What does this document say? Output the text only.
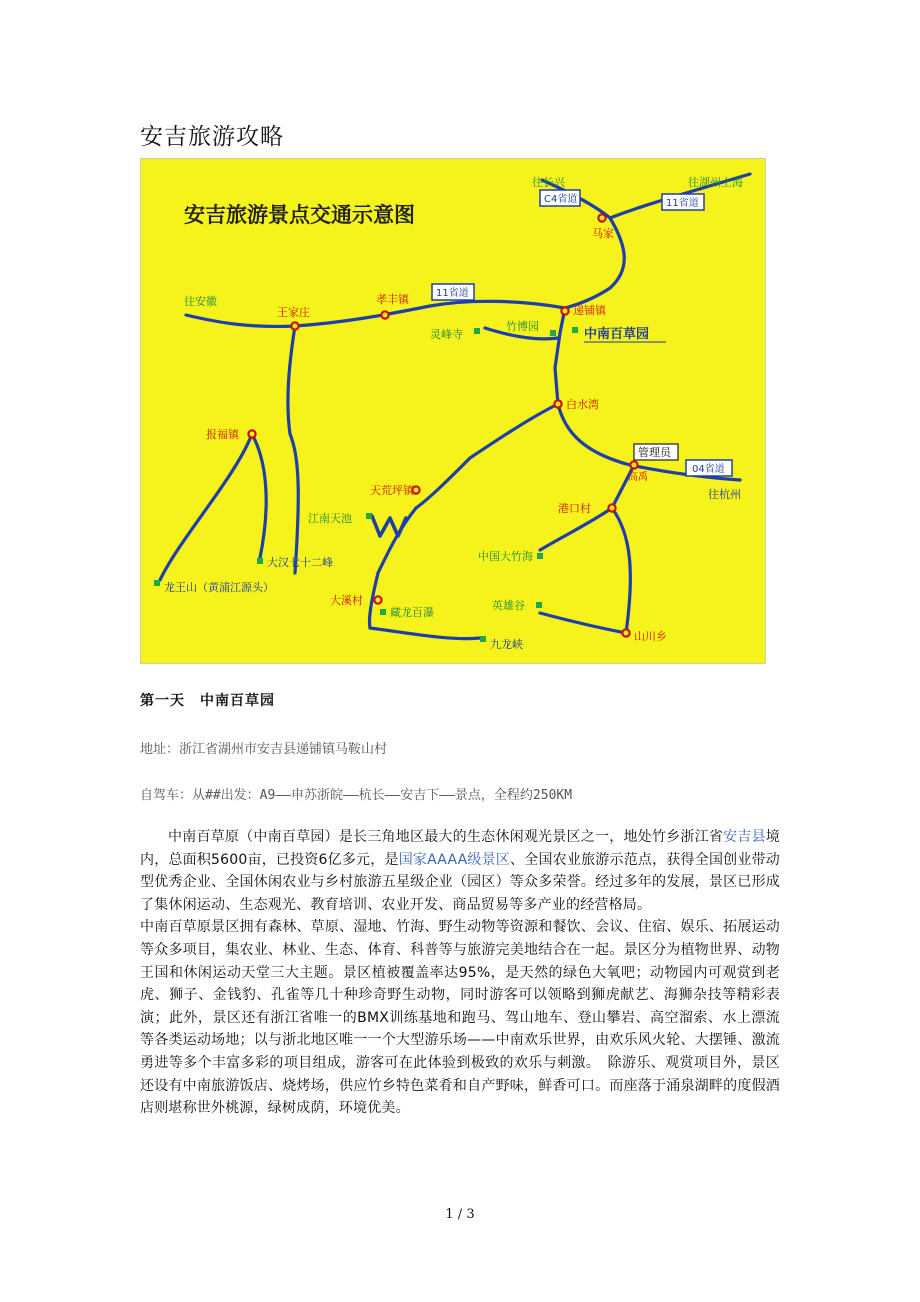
安吉旅游攻略
安吉旅游景点交通示意图
C4省道	11省道
11省道
04省道
管理员
往长兴
马家
往湖州上海
往安徽
王家庄
孝丰镇
递铺镇
灵峰寺
竹博园
中南百草园
白水湾
报福镇
高禹
往杭州
天荒坪镇
港口村
江南天池
中国大竹海
大汉七十二峰
龙王山（黄浦江源头）
大溪村
藏龙百瀑
英雄谷
山川乡
九龙峡
第一天　中南百草园
地址：浙江省湖州市安吉县递铺镇马鞍山村
自驾车：从##出发：A9——申苏浙皖——杭长——安吉下——景点，全程约250KM

中南百草原（中南百草园）是长三角地区最大的生态休闲观光景区之一，地处竹乡浙江省安吉县境内，总面积5600亩，已投资6亿多元，是国家AAAA级景区、全国农业旅游示范点，获得全国创业带动型优秀企业、全国休闲农业与乡村旅游五星级企业（园区）等众多荣誉。经过多年的发展，景区已形成了集休闲运动、生态观光、教育培训、农业开发、商品贸易等多产业的经营格局。

中南百草原景区拥有森林、草原、湿地、竹海、野生动物等资源和餐饮、会议、住宿、娱乐、拓展运动等众多项目，集农业、林业、生态、体育、科普等与旅游完美地结合在一起。景区分为植物世界、动物王国和休闲运动天堂三大主题。景区植被覆盖率达95%，是天然的绿色大氧吧；动物园内可观赏到老虎、狮子、金钱豹、孔雀等几十种珍奇野生动物，同时游客可以领略到狮虎献艺、海狮杂技等精彩表演；此外，景区还有浙江省唯一的BMX训练基地和跑马、驾山地车、登山攀岩、高空溜索、水上漂流等各类运动场地；以与浙北地区唯一一个大型游乐场——中南欢乐世界，由欢乐风火轮、大摆锤、激流勇进等多个丰富多彩的项目组成，游客可在此体验到极致的欢乐与刺激。　除游乐、观赏项目外，景区还设有中南旅游饭店、烧烤场，供应竹乡特色菜肴和自产野味，鲜香可口。而座落于涌泉湖畔的度假酒店则堪称世外桃源，绿树成荫，环境优美。

1 / 3
